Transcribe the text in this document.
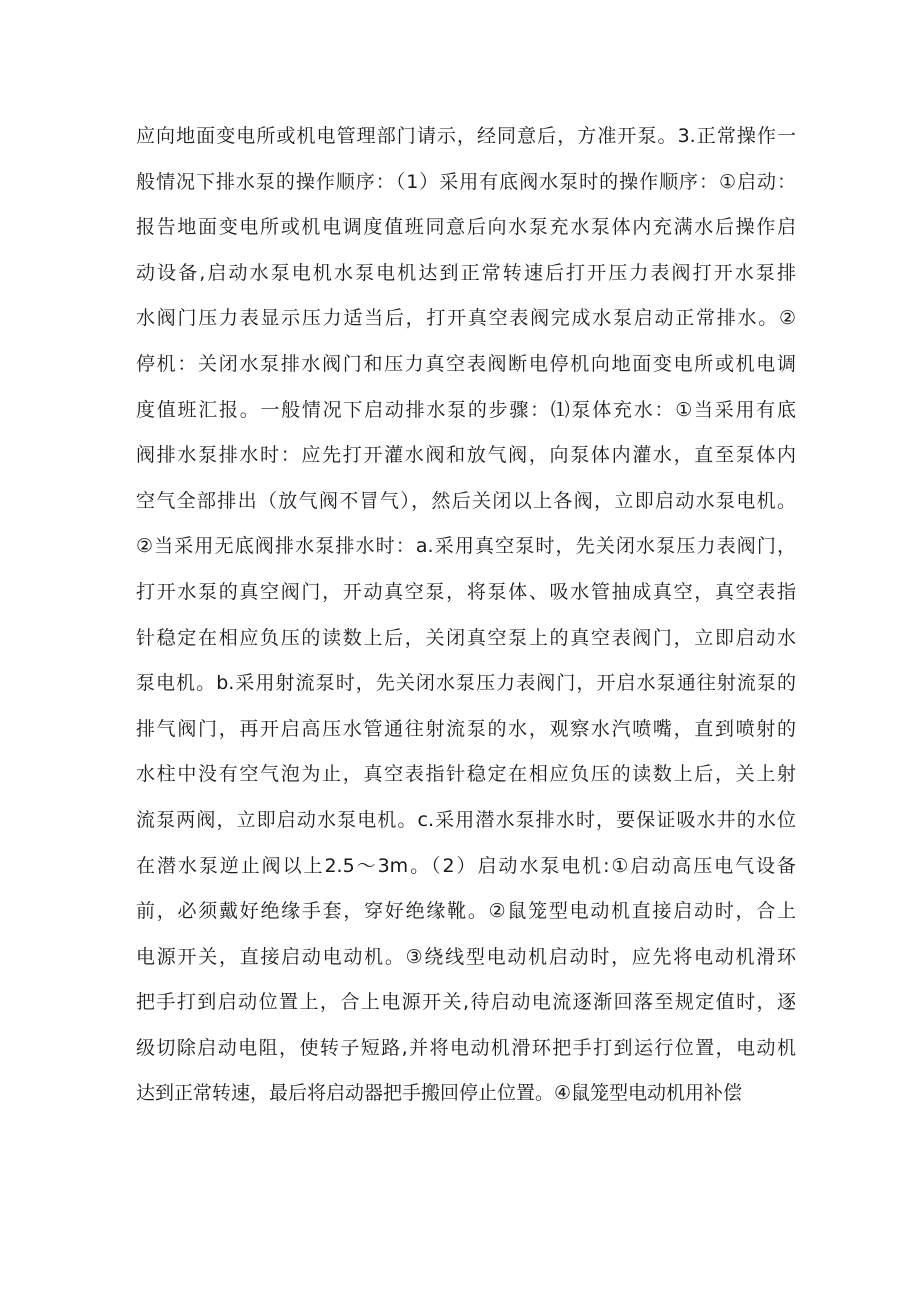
应向地面变电所或机电管理部门请示，经同意后，方准开泵。3.正常操作一
般情况下排水泵的操作顺序：（1）采用有底阀水泵时的操作顺序：①启动：
报告地面变电所或机电调度值班同意后向水泵充水泵体内充满水后操作启
动设备,启动水泵电机水泵电机达到正常转速后打开压力表阀打开水泵排
水阀门压力表显示压力适当后，打开真空表阀完成水泵启动正常排水。②
停机：关闭水泵排水阀门和压力真空表阀断电停机向地面变电所或机电调
度值班汇报。一般情况下启动排水泵的步骤：⑴泵体充水：①当采用有底
阀排水泵排水时：应先打开灌水阀和放气阀，向泵体内灌水，直至泵体内
空气全部排出（放气阀不冒气），然后关闭以上各阀，立即启动水泵电机。
②当采用无底阀排水泵排水时：a.采用真空泵时，先关闭水泵压力表阀门，
打开水泵的真空阀门，开动真空泵，将泵体、吸水管抽成真空，真空表指
针稳定在相应负压的读数上后，关闭真空泵上的真空表阀门，立即启动水
泵电机。b.采用射流泵时，先关闭水泵压力表阀门，开启水泵通往射流泵的
排气阀门，再开启高压水管通往射流泵的水，观察水汽喷嘴，直到喷射的
水柱中没有空气泡为止，真空表指针稳定在相应负压的读数上后，关上射
流泵两阀，立即启动水泵电机。c.采用潜水泵排水时，要保证吸水井的水位
在潜水泵逆止阀以上2.5～3m。（2）启动水泵电机:①启动高压电气设备
前，必须戴好绝缘手套，穿好绝缘靴。②鼠笼型电动机直接启动时，合上
电源开关，直接启动电动机。③绕线型电动机启动时，应先将电动机滑环
把手打到启动位置上，合上电源开关,待启动电流逐渐回落至规定值时，逐
级切除启动电阻，使转子短路,并将电动机滑环把手打到运行位置，电动机
达到正常转速，最后将启动器把手搬回停止位置。④鼠笼型电动机用补偿
